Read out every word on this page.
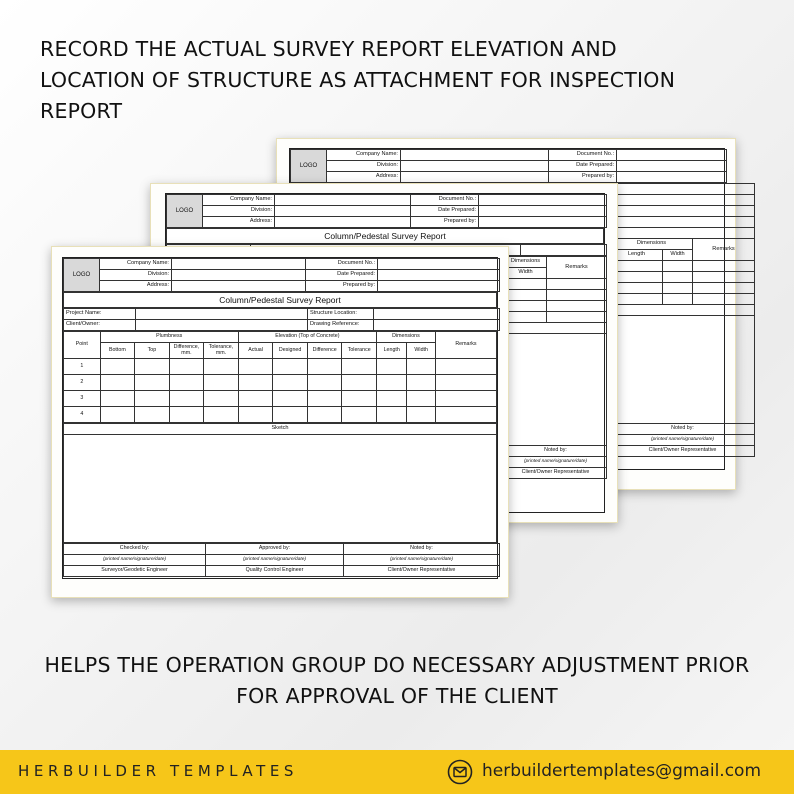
RECORD THE ACTUAL SURVEY REPORT ELEVATION AND
LOCATION OF STRUCTURE AS ATTACHMENT FOR INSPECTION
REPORT
LOGO	Company Name:		Document No.:	
	Division:		Date Prepared:	
	Address:		Prepared by:	

	Dimensions		Remarks
	Length	Width	

	Noted by:		
	(printed name/signature/date)		
	Client/Owner Representative		
LOGO	Company Name:		Document No.:	
	Division:		Date Prepared:	
	Address:		Prepared by:	
Column/Pedestal Survey Report

	Dimensions	Remarks
	Width	

	Noted by:	
	(printed name/signature/date)	
	Client/Owner Representative	
LOGO	Company Name:		Document No.:	
	Division:		Date Prepared:	
	Address:		Prepared by:	
Column/Pedestal Survey Report
Project Name:		Structure Location:	
Client/Owner:		Drawing Reference:	
Point	Plumbness				Elevation (Top of Concrete)				Dimensions		Remarks
	Bottom	Top	Difference, mm.	Tolerance, mm.	Actual	Designed	Difference	Tolerance	Length	Width	
1											
2											
3											
4											
Sketch

Checked by:	Approved by:	Noted by:
(printed name/signature/date)	(printed name/signature/date)	(printed name/signature/date)
Surveyor/Geodetic Engineer	Quality Control Engineer	Client/Owner Representative
HELPS THE OPERATION GROUP DO NECESSARY ADJUSTMENT PRIOR
FOR APPROVAL OF THE CLIENT
HERBUILDER TEMPLATES	herbuildertemplates@gmail.com
